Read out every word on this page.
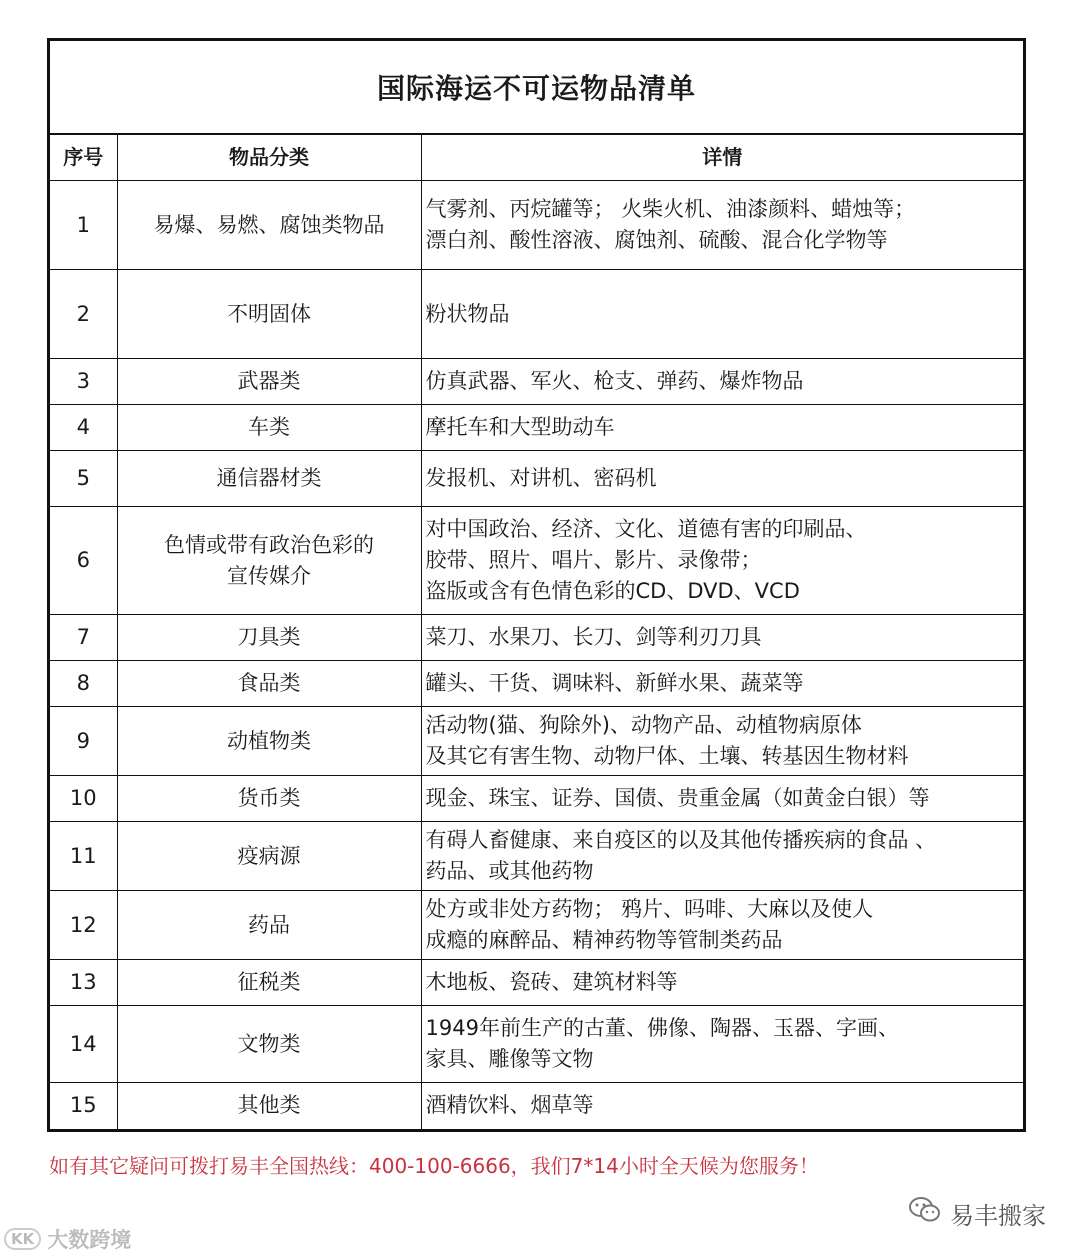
国际海运不可运物品清单
序号	物品分类	详情
1	易爆、易燃、腐蚀类物品	气雾剂、丙烷罐等； 火柴火机、油漆颜料、蜡烛等；
漂白剂、酸性溶液、腐蚀剂、硫酸、混合化学物等

2	不明固体	粉状物品

3	武器类	仿真武器、军火、枪支、弹药、爆炸物品

4	车类	摩托车和大型助动车

5	通信器材类	发报机、对讲机、密码机

6	色情或带有政治色彩的
宣传媒介	对中国政治、经济、文化、道德有害的印刷品、
胶带、照片、唱片、影片、录像带；
盗版或含有色情色彩的CD、DVD、VCD

7	刀具类	菜刀、水果刀、长刀、剑等利刃刀具

8	食品类	罐头、干货、调味料、新鲜水果、蔬菜等

9	动植物类	活动物(猫、狗除外)、动物产品、动植物病原体
及其它有害生物、动物尸体、土壤、转基因生物材料

10	货币类	现金、珠宝、证券、国债、贵重金属（如黄金白银）等

11	疫病源	有碍人畜健康、来自疫区的以及其他传播疾病的食品 、
药品、或其他药物

12	药品	处方或非处方药物； 鸦片、吗啡、大麻以及使人
成瘾的麻醉品、精神药物等管制类药品

13	征税类	木地板、瓷砖、建筑材料等

14	文物类	1949年前生产的古董、佛像、陶器、玉器、字画、
家具、雕像等文物

15	其他类	酒精饮料、烟草等
如有其它疑问可拨打易丰全国热线：400-100-6666，我们7*14小时全天候为您服务！
易丰搬家
KK 大数跨境
